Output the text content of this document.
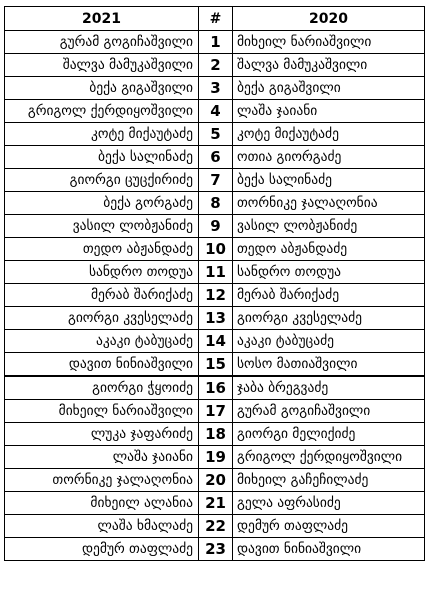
2021	#	2020
გურამ გოგიჩაშვილი	1	მიხეილ ნარიაშვილი
შალვა მამუკაშვილი	2	შალვა მამუკაშვილი
ბექა გიგაშვილი	3	ბექა გიგაშვილი
გრიგოლ ქერდიყოშვილი	4	ლაშა ჯაიანი
კოტე მიქაუტაძე	5	კოტე მიქაუტაძე
ბექა სალინაძე	6	ოთია გიორგაძე
გიორგი ცუცქირიძე	7	ბექა სალინაძე
ბექა გორგაძე	8	თორნიკე ჯალაღონია
ვასილ ლობჟანიძე	9	ვასილ ლობჟანიძე
თედო აბჟანდაძე	10	თედო აბჟანდაძე
სანდრო თოდუა	11	სანდრო თოდუა
მერაბ შარიქაძე	12	მერაბ შარიქაძე
გიორგი კვესელაძე	13	გიორგი კვესელაძე
აკაკი ტაბუცაძე	14	აკაკი ტაბუცაძე
დავით ნინიაშვილი	15	სოსო მათიაშვილი
გიორგი ჭყოიძე	16	ჯაბა ბრეგვაძე
მიხეილ ნარიაშვილი	17	გურამ გოგიჩაშვილი
ლუკა ჯაფარიძე	18	გიორგი მელიქიძე
ლაშა ჯაიანი	19	გრიგოლ ქერდიყოშვილი
თორნიკე ჯალაღონია	20	მიხეილ გაჩეჩილაძე
მიხეილ ალანია	21	გელა აფრასიძე
ლაშა ხმალაძე	22	დემურ თაფლაძე
დემურ თაფლაძე	23	დავით ნინიაშვილი
